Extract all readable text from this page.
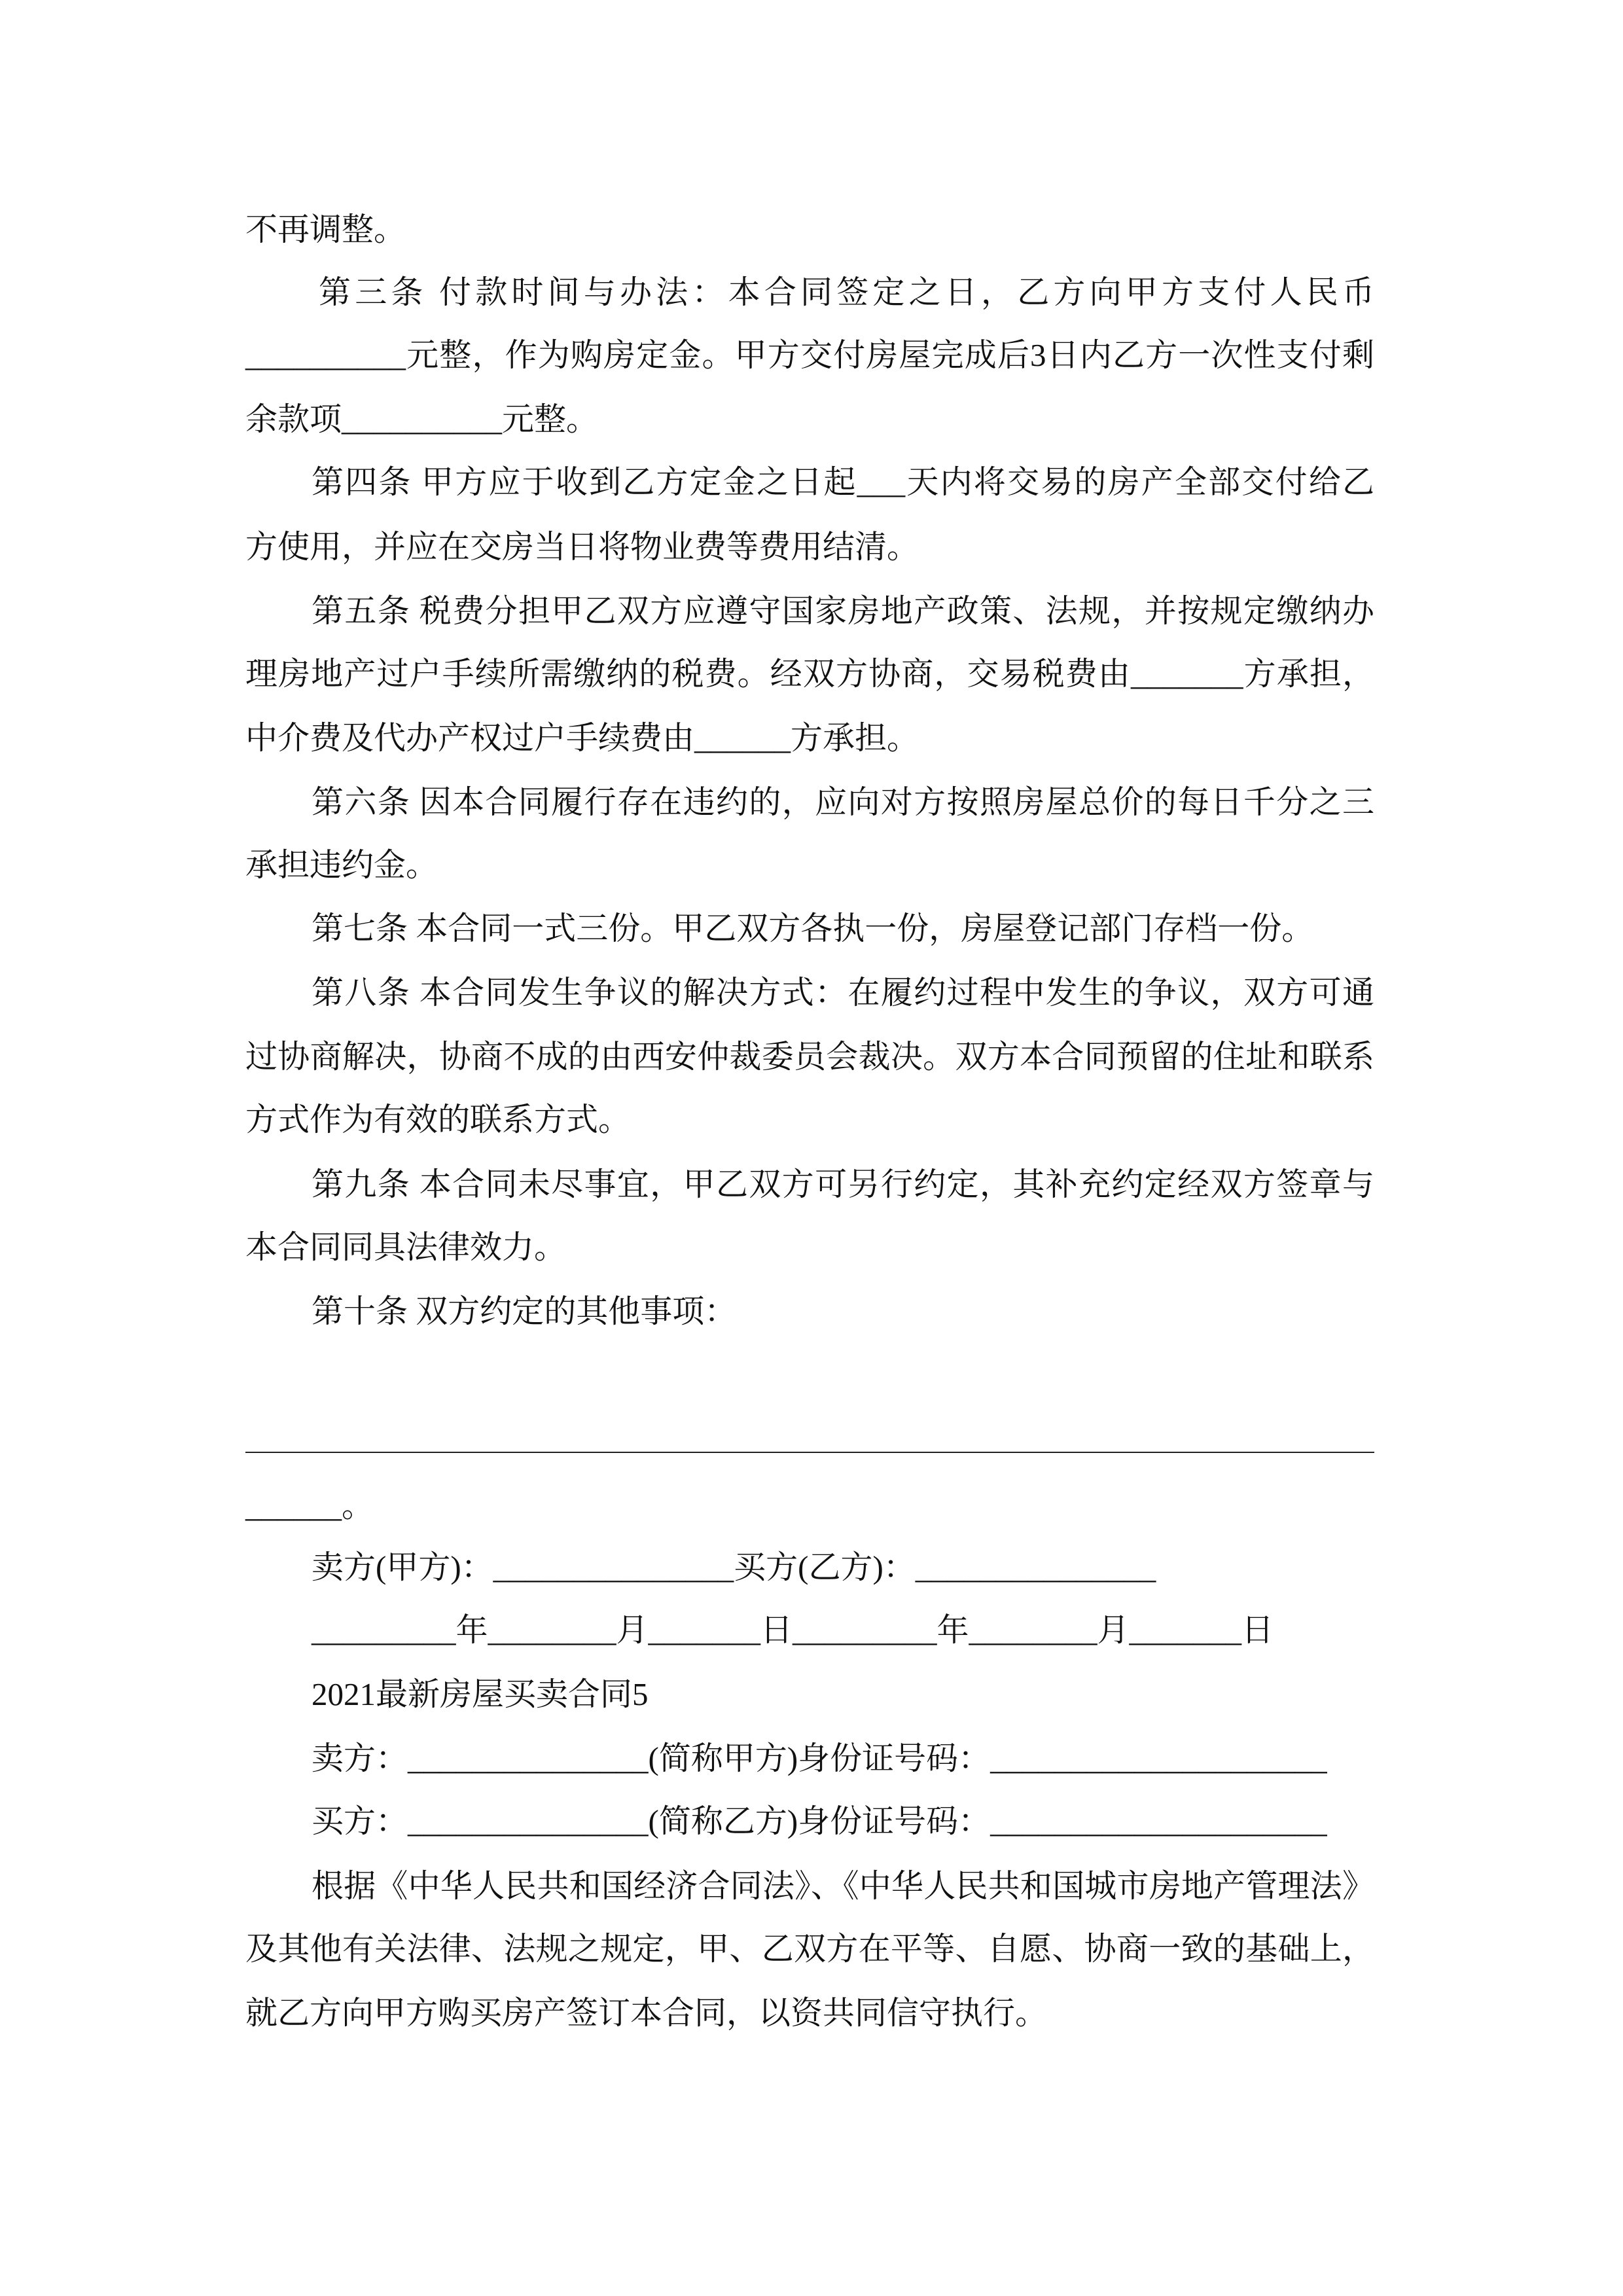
不再调整。
第三条 付款时间与办法：本合同签定之日，乙方向甲方支付人民币
__________元整，作为购房定金。甲方交付房屋完成后3日内乙方一次性支付剩
余款项__________元整。
第四条 甲方应于收到乙方定金之日起___天内将交易的房产全部交付给乙
方使用，并应在交房当日将物业费等费用结清。
第五条 税费分担甲乙双方应遵守国家房地产政策、法规，并按规定缴纳办
理房地产过户手续所需缴纳的税费。经双方协商，交易税费由_______方承担，
中介费及代办产权过户手续费由______方承担。
第六条 因本合同履行存在违约的，应向对方按照房屋总价的每日千分之三
承担违约金。
第七条 本合同一式三份。甲乙双方各执一份，房屋登记部门存档一份。
第八条 本合同发生争议的解决方式：在履约过程中发生的争议，双方可通
过协商解决，协商不成的由西安仲裁委员会裁决。双方本合同预留的住址和联系
方式作为有效的联系方式。
第九条 本合同未尽事宜，甲乙双方可另行约定，其补充约定经双方签章与
本合同同具法律效力。
第十条 双方约定的其他事项：
______。
卖方(甲方)：_______________买方(乙方)：_______________
_________年________月_______日_________年________月_______日
2021最新房屋买卖合同5
卖方：_______________(简称甲方)身份证号码：_____________________
买方：_______________(简称乙方)身份证号码：_____________________
根据《中华人民共和国经济合同法》、《中华人民共和国城市房地产管理法》
及其他有关法律、法规之规定，甲、乙双方在平等、自愿、协商一致的基础上，
就乙方向甲方购买房产签订本合同，以资共同信守执行。
